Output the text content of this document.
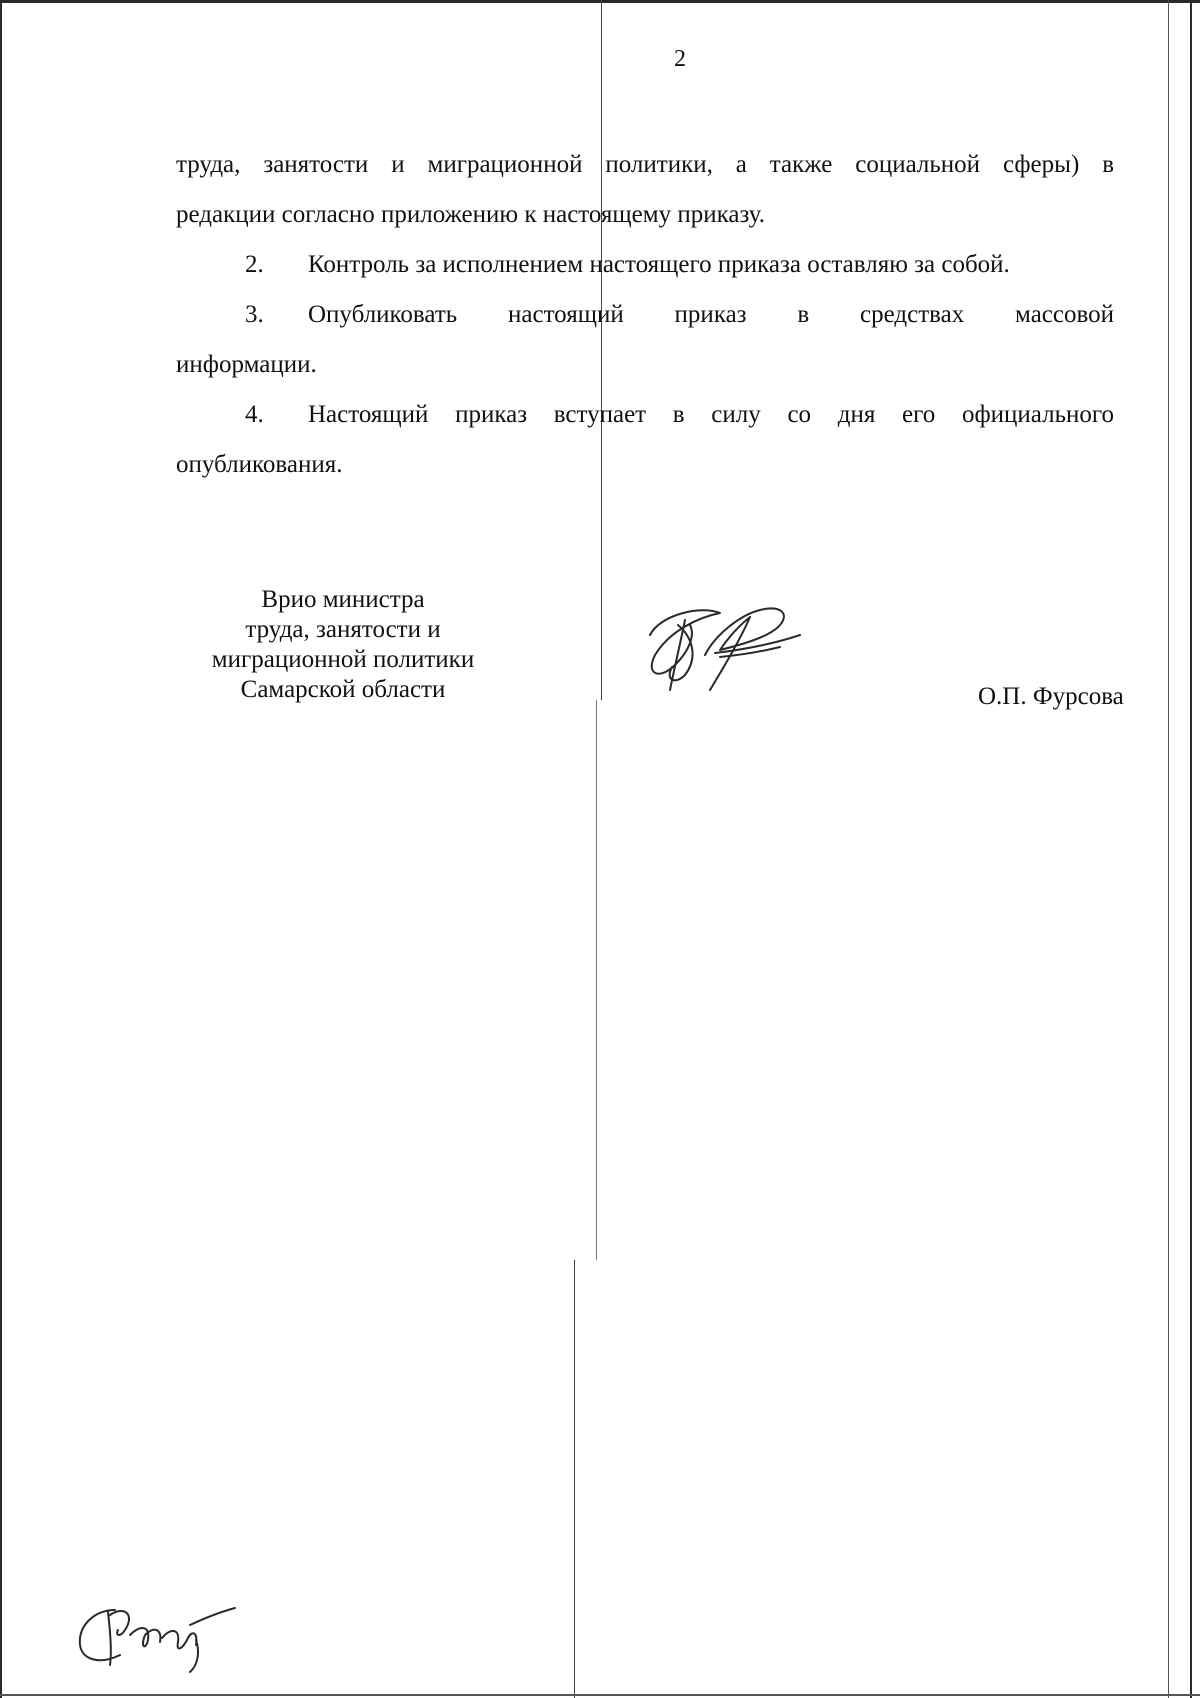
2

труда, занятости и миграционной политики, а также социальной сферы) в

редакции согласно приложению к настоящему приказу.

2. Контроль за исполнением настоящего приказа оставляю за собой.

3.	Опубликовать настоящий приказ в средствах массовой

информации.

4.	Настоящий приказ вступает в силу со дня его официального

опубликования.

Врио министра
труда, занятости и
миграционной политики
Самарской области	О.П. Фурсова
